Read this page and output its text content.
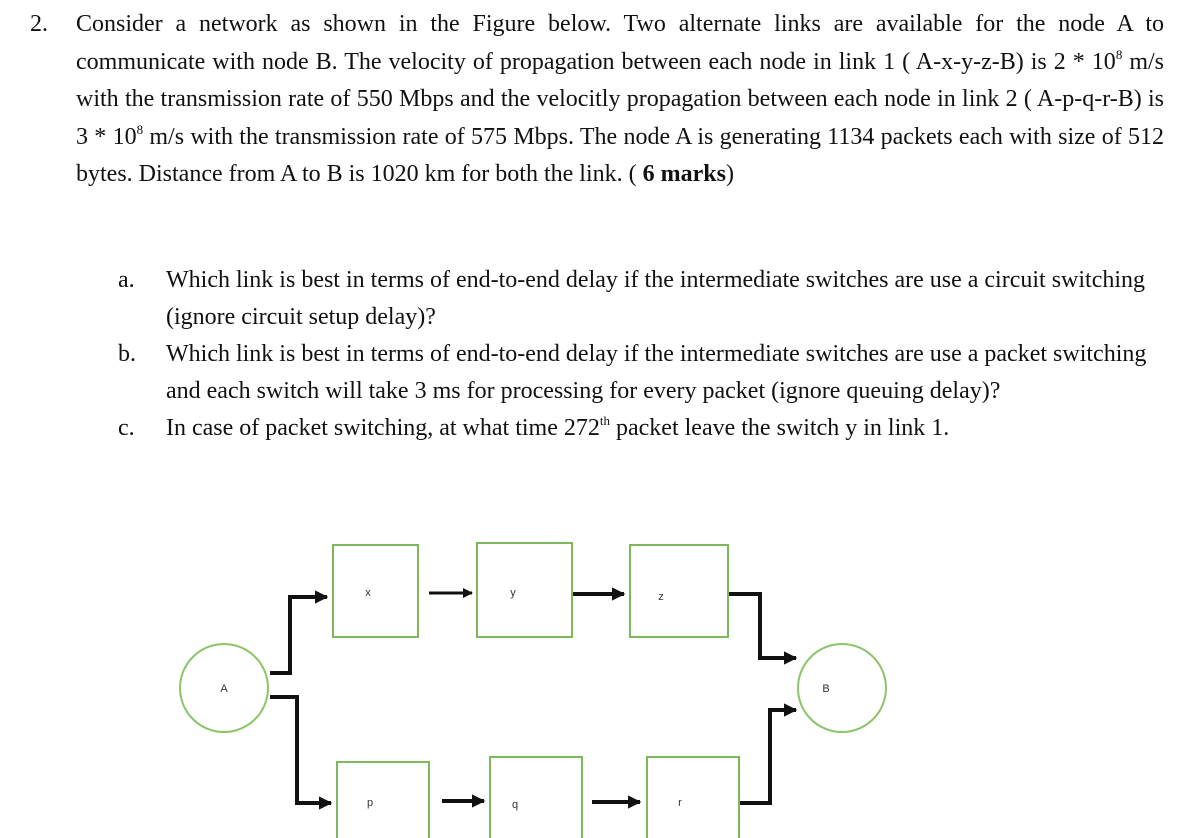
2. Consider a network as shown in the Figure below. Two alternate links are available for the node A to communicate with node B. The velocity of propagation between each node in link 1 ( A-x-y-z-B) is $2 * 10^8$ m/s with the transmission rate of 550 Mbps and the velocitly propagation between each node in link 2 ( A-p-q-r-B) is $3 * 10^8$ m/s with the transmission rate of 575 Mbps. The node A is generating 1134 packets each with size of 512 bytes. Distance from A to B is 1020 km for both the link. ( 6 marks)
a. Which link is best in terms of end-to-end delay if the intermediate switches are use a circuit switching (ignore circuit setup delay)?
b. Which link is best in terms of end-to-end delay if the intermediate switches are use a packet switching and each switch will take 3 ms for processing for every packet (ignore queuing delay)?
c. In case of packet switching, at what time 272th packet leave the switch y in link 1.
A	B
x	y	z
p	q	r
